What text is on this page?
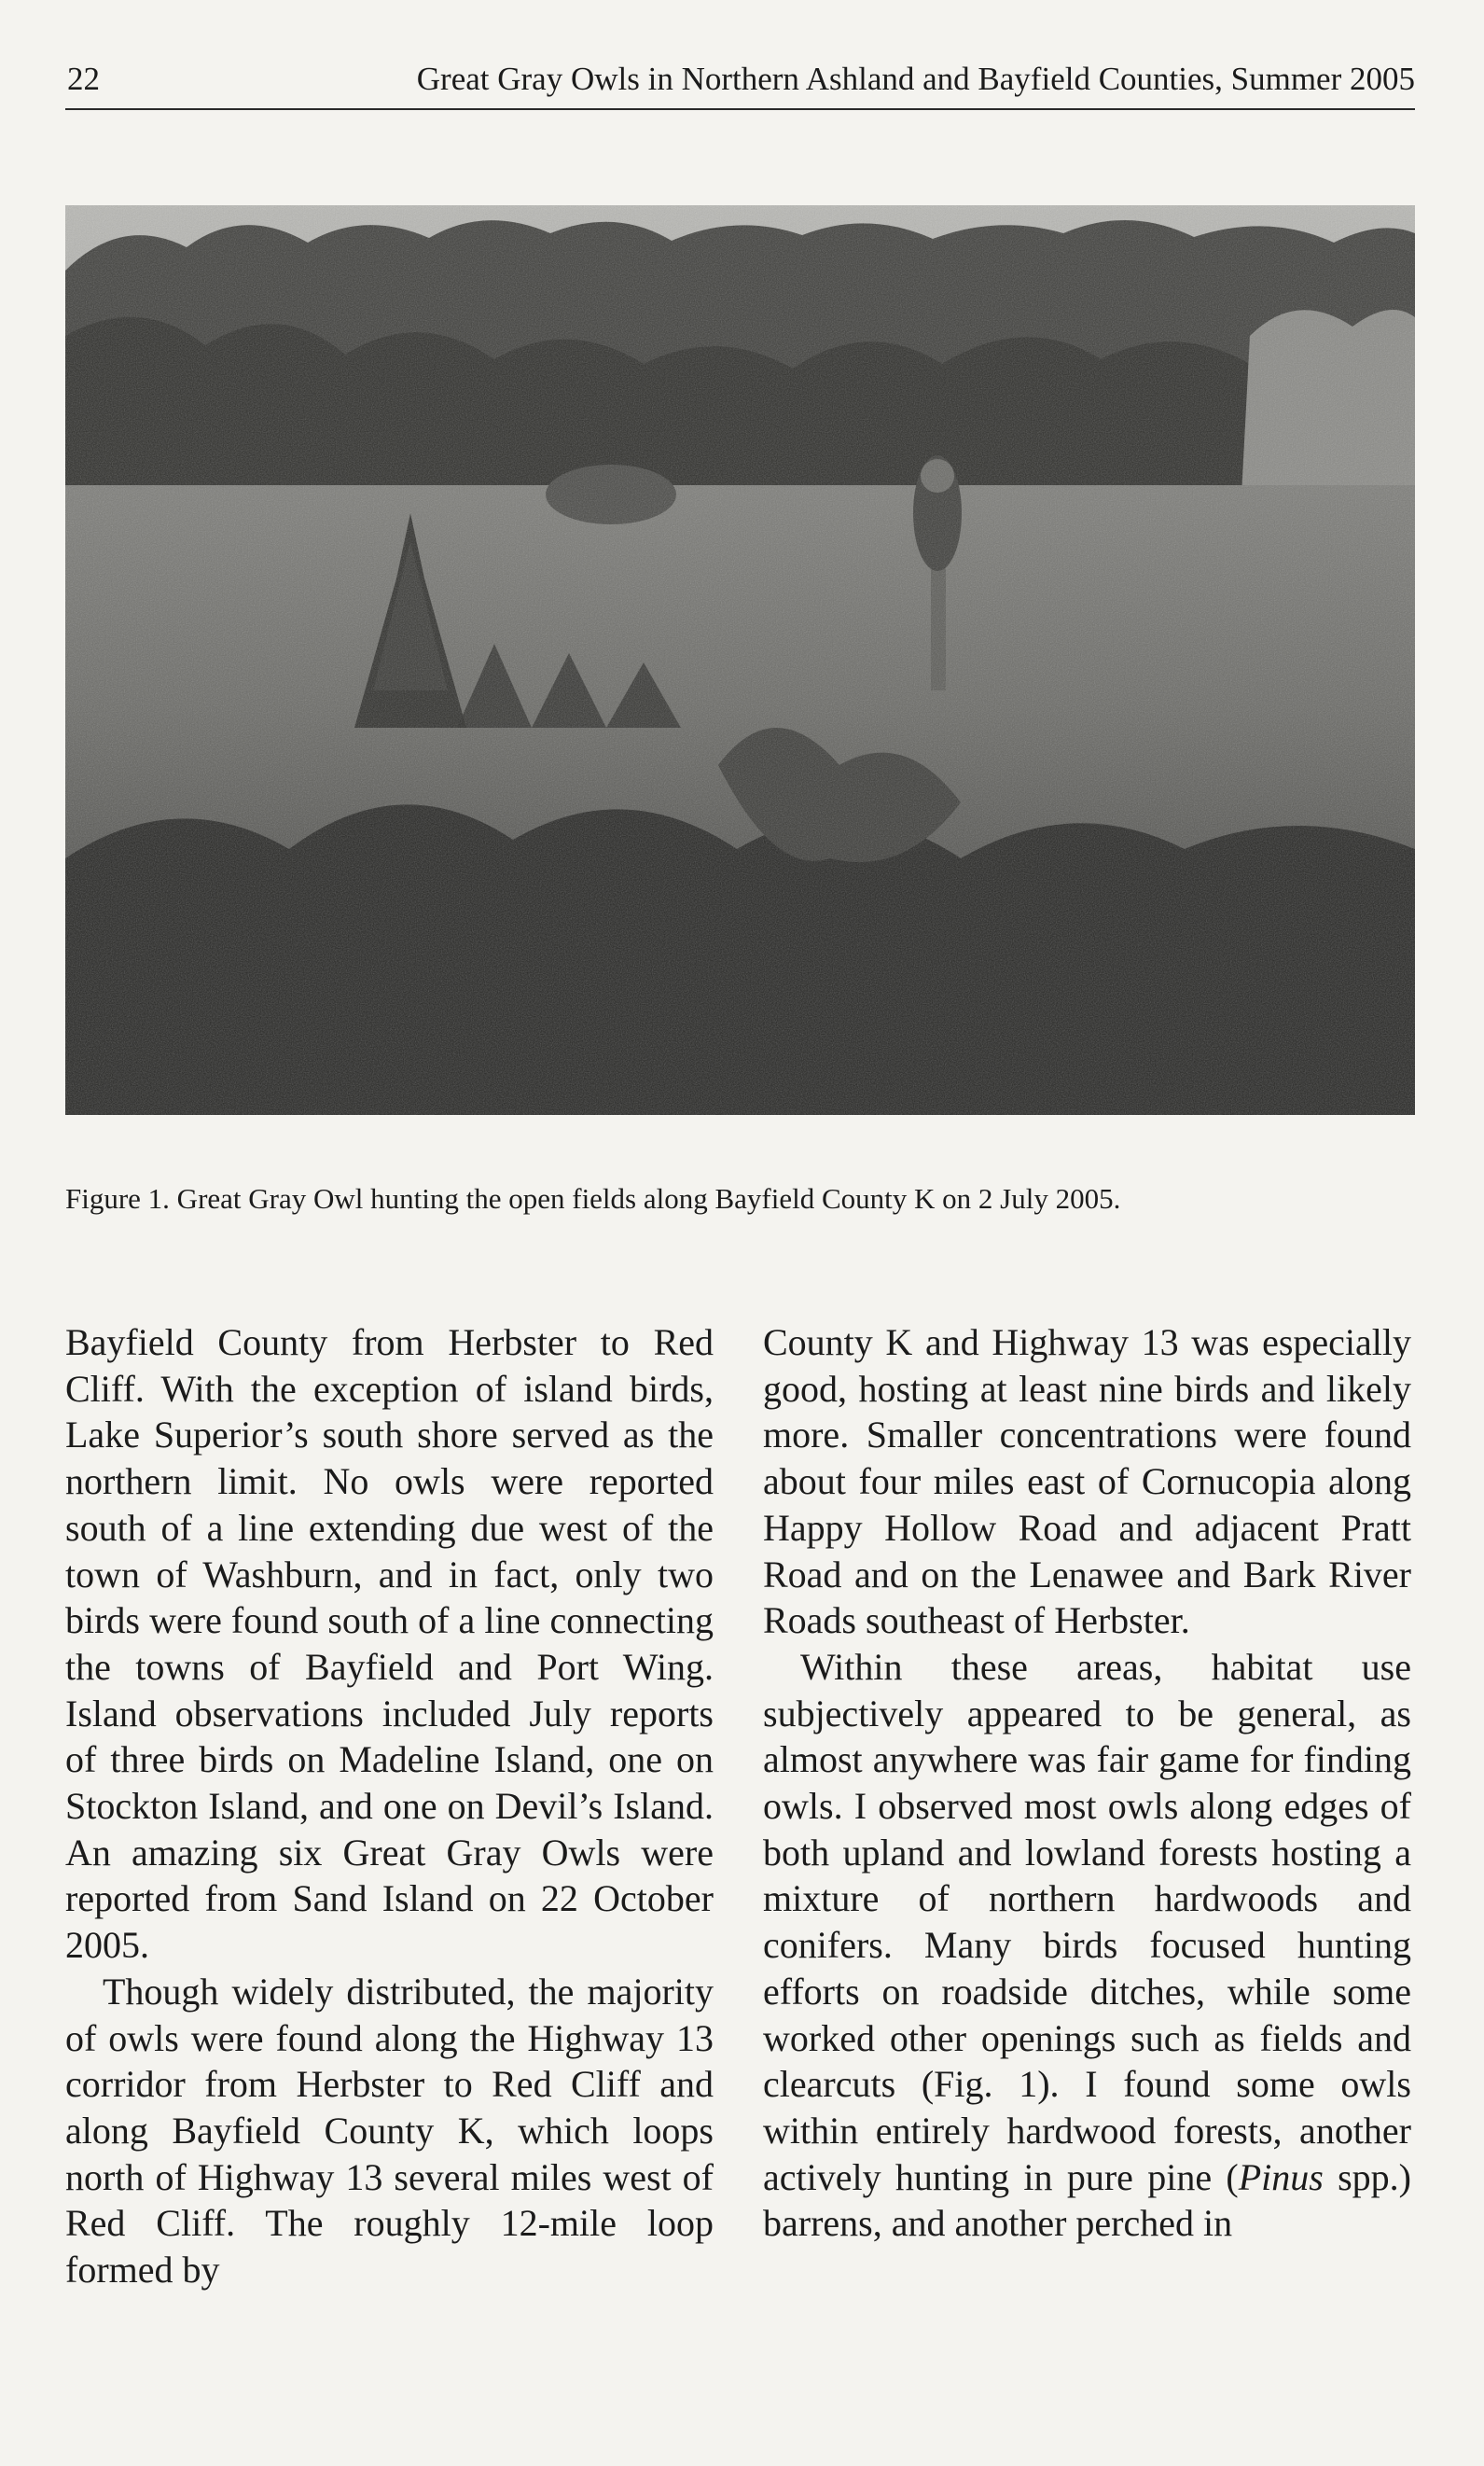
22	Great Gray Owls in Northern Ashland and Bayfield Counties, Summer 2005
Figure 1. Great Gray Owl hunting the open fields along Bayfield County K on 2 July 2005.

Bayfield County from Herbster to Red Cliff. With the exception of island birds, Lake Superior’s south shore served as the northern limit. No owls were reported south of a line extending due west of the town of Washburn, and in fact, only two birds were found south of a line connecting the towns of Bayfield and Port Wing. Island observations included July reports of three birds on Madeline Island, one on Stockton Island, and one on Devil’s Island. An amazing six Great Gray Owls were reported from Sand Island on 22 October 2005.

Though widely distributed, the majority of owls were found along the Highway 13 corridor from Herbster to Red Cliff and along Bayfield County K, which loops north of Highway 13 several miles west of Red Cliff. The roughly 12-mile loop formed by

County K and Highway 13 was especially good, hosting at least nine birds and likely more. Smaller concentrations were found about four miles east of Cornucopia along Happy Hollow Road and adjacent Pratt Road and on the Lenawee and Bark River Roads southeast of Herbster.

Within these areas, habitat use subjectively appeared to be general, as almost anywhere was fair game for finding owls. I observed most owls along edges of both upland and lowland forests hosting a mixture of northern hardwoods and conifers. Many birds focused hunting efforts on roadside ditches, while some worked other openings such as fields and clearcuts (Fig. 1). I found some owls within entirely hardwood forests, another actively hunting in pure pine (Pinus spp.) barrens, and another perched in
